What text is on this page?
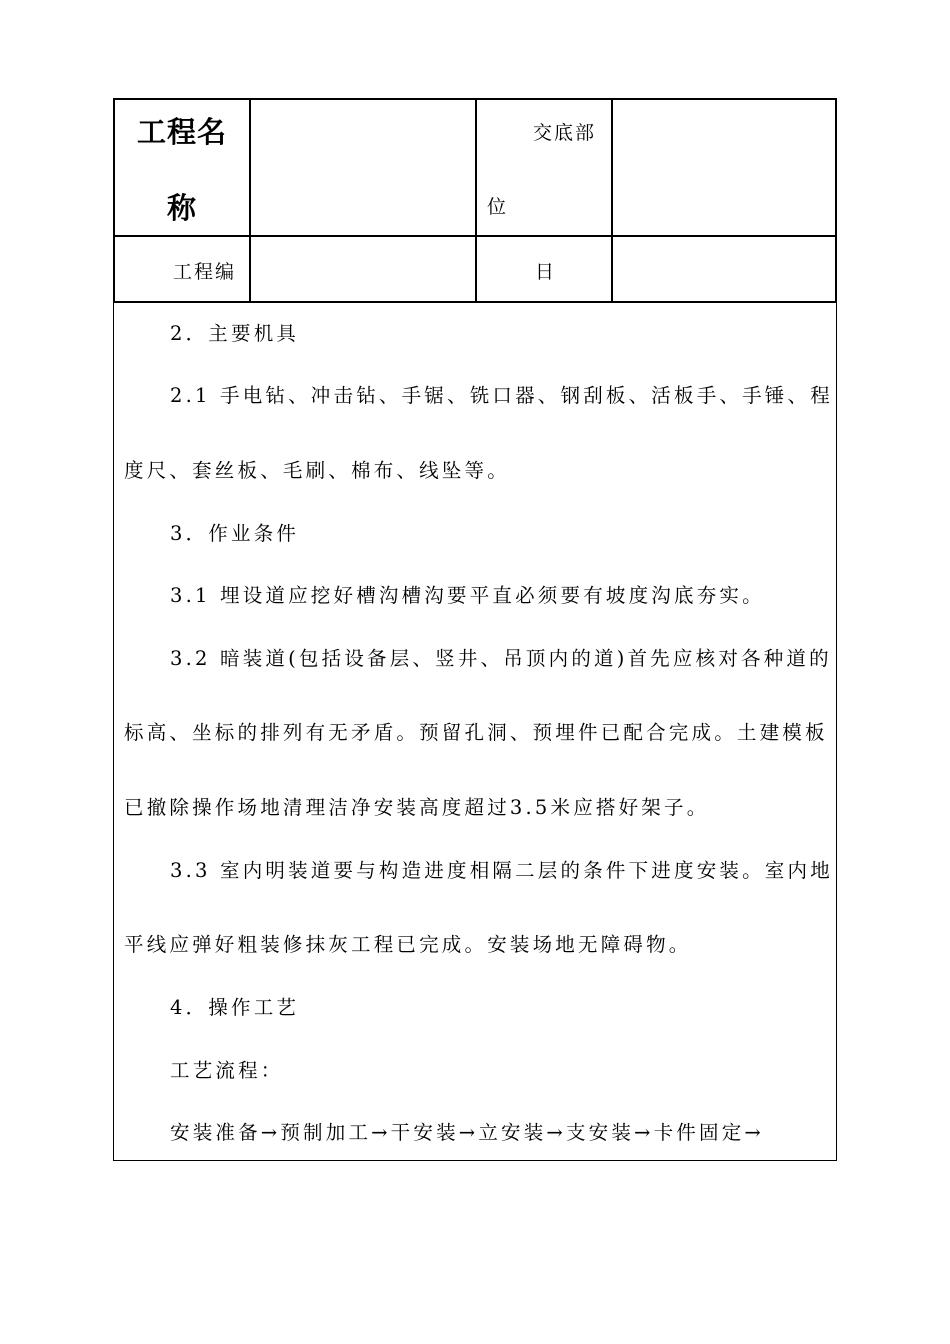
工程名
称
交底部
位
工程编	日
2．主要机具
2.1 手电钻、冲击钻、手锯、铣口器、钢刮板、活板手、手锤、程
度尺、套丝板、毛刷、棉布、线坠等。
3．作业条件
3.1 埋设道应挖好槽沟槽沟要平直必须要有坡度沟底夯实。
3.2 暗装道(包括设备层、竖井、吊顶内的道)首先应核对各种道的
标高、坐标的排列有无矛盾。预留孔洞、预埋件已配合完成。土建模板
已撤除操作场地清理洁净安装高度超过3.5米应搭好架子。
3.3 室内明装道要与构造进度相隔二层的条件下进度安装。室内地
平线应弹好粗装修抹灰工程已完成。安装场地无障碍物。
4．操作工艺
工艺流程：
安装准备→预制加工→干安装→立安装→支安装→卡件固定→
